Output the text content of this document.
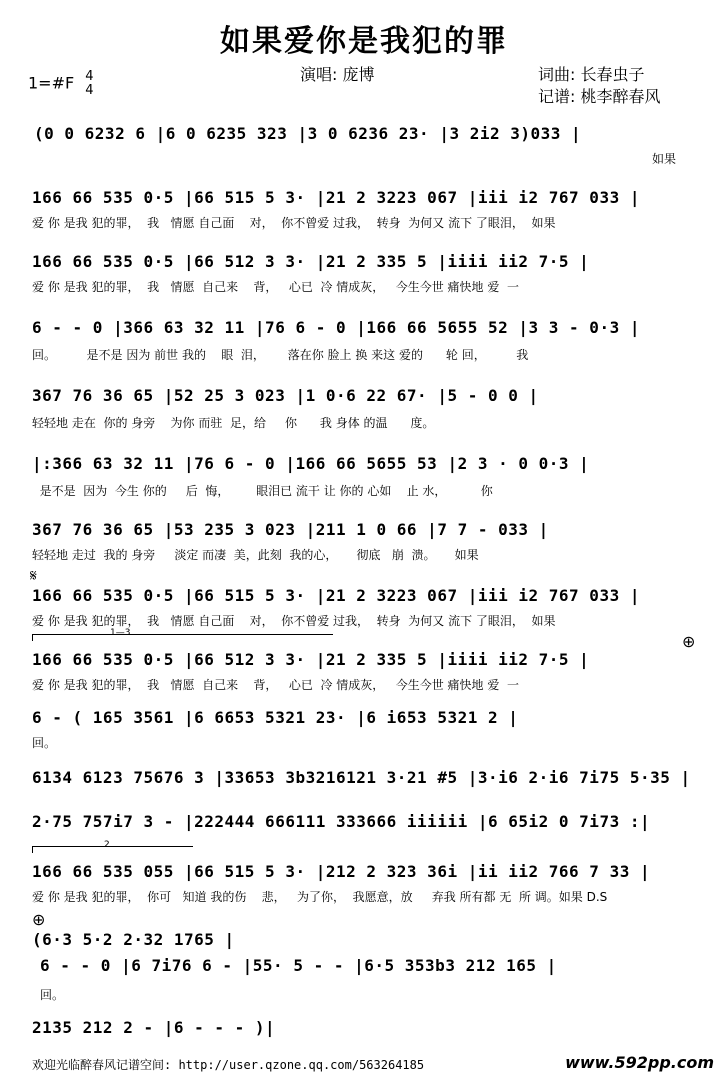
如果爱你是我犯的罪
演唱: 庞博	词曲: 长春虫子
记谱: 桃李醉春风
1=#F 4
4
(0 0 6232 6 |6 0 6235 323 |3 0 6236 23· |3 2i2 3)033 |
如果
166 66 535 0·5 |66 515 5 3· |21 2 3223 067 |iii i2 767 033 |
爱 你 是我 犯的罪，  我   情愿 自己面    对，  你不曾爱 过我，  转身  为何又 流下 了眼泪，  如果
166 66 535 0·5 |66 512 3 3· |21 2 335 5 |iiii ii2 7·5 |
爱 你 是我 犯的罪，  我   情愿  自己来    背，   心已  冷 情成灰，   今生今世 痛快地 爱  一
6 - - 0 |366 63 32 11 |76 6 - 0 |166 66 5655 52 |3 3 - 0·3 |
回。        是不是 因为 前世 我的    眼  泪，      落在你 脸上 换 来这 爱的      轮 回，        我
367 76 36 65 |52 25 3 023 |1 0·6 22 67· |5 - 0 0 |
轻轻地 走在  你的 身旁    为你 而驻  足，给     你      我 身体 的温      度。
|:366 63 32 11 |76 6 - 0 |166 66 5655 53 |2 3 · 0 0·3 |
是不是  因为  今生 你的     后  悔，       眼泪已 流干 让 你的 心如    止 水，         你
367 76 36 65 |53 235 3 023 |211 1 0 66 |7 7 - 033 |
轻轻地 走过  我的 身旁     淡定 而凄  美，此刻  我的心，     彻底   崩  溃。     如果
𝄋
166 66 535 0·5 |66 515 5 3· |21 2 3223 067 |iii i2 767 033 |
爱 你 是我 犯的罪，  我   情愿 自己面    对，  你不曾爱 过我，  转身  为何又 流下 了眼泪，  如果
1—3	⊕
166 66 535 0·5 |66 512 3 3· |21 2 335 5 |iiii ii2 7·5 |
爱 你 是我 犯的罪，  我   情愿  自己来    背，   心已  冷 情成灰，   今生今世 痛快地 爱  一
6 - ( 165 3561 |6 6653 5321 23· |6 i653 5321 2 |
回。
6134 6123 75676 3 |33653 3b3216121 3·21 #5 |3·i6 2·i6 7i75 5·35 |
2·75 757i7 3 - |222444 666111 333666 iiiiii |6 65i2 0 7i73 :|
2
166 66 535 055 |66 515 5 3· |212 2 323 36i |ii ii2 766 7 33 |
爱 你 是我 犯的罪，  你可   知道 我的伤    悲，   为了你，  我愿意，放     弃我 所有都 无  所 调。如果 D.S
⊕
(6·3 5·2 2·32 1765 |
6 - - 0 |6 7i76 6 - |55· 5 - - |6·5 353b3 212 165 |
回。
2135 212 2 - |6 - - - )|
欢迎光临醉春风记谱空间: http://user.qzone.qq.com/563264185	www.592pp.com
